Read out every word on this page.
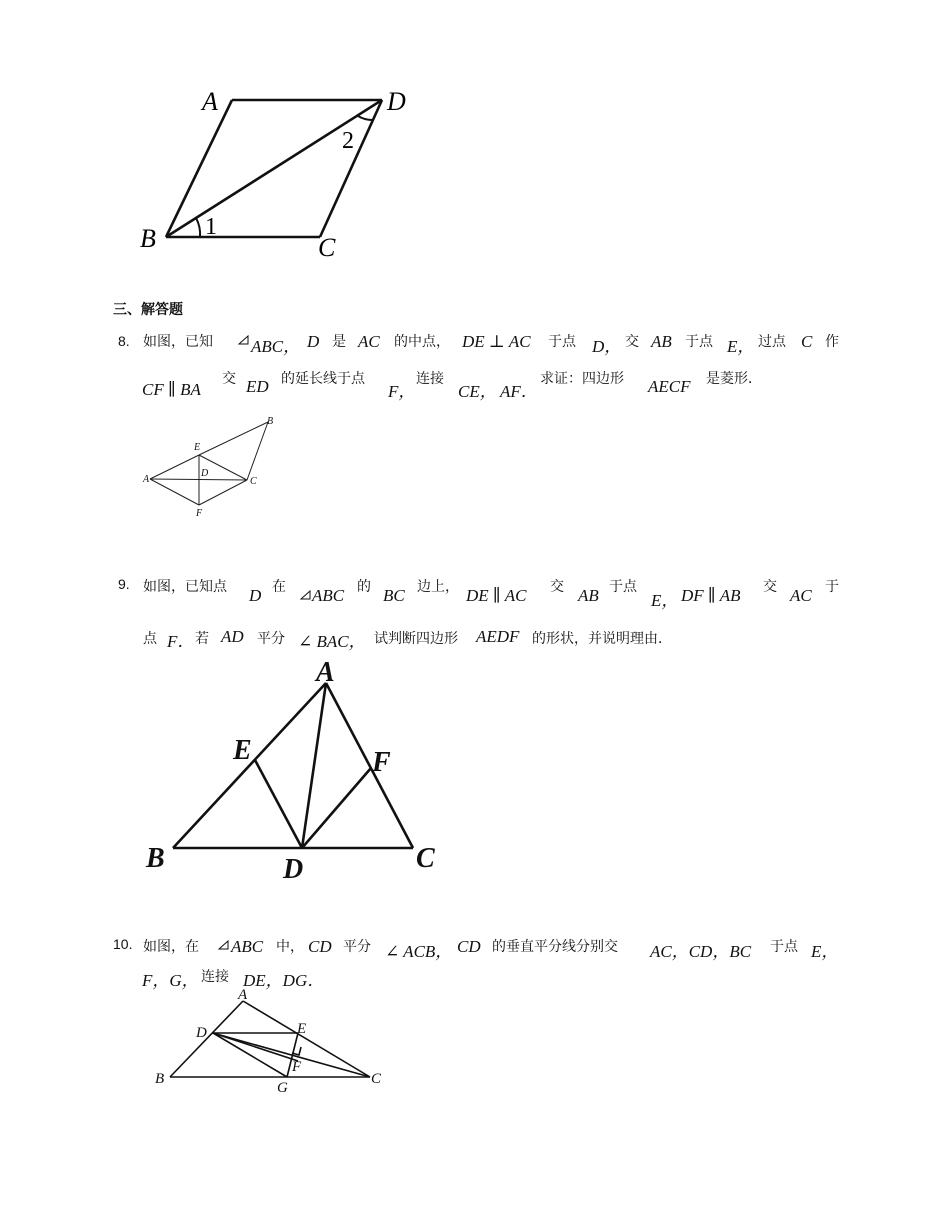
A	D
B	C
1
2
三、解答题
8. 如图，已知 ABC， D 是 AC 的中点， DE ⊥ AC 于点 D， 交 AB 于点 E， 过点 C 作
CF ∥ BA
交 ED 的延长线于点
F，
连接
CE， AF．
求证：四边形 AECF 是菱形．
E
B
A
D
C
F
9. 如图，已知点 D 在 ABC 的 BC 边上， DE ∥ AC 交 AB 于点
E， DF ∥ AB 交 AC 于
点 F． 若 AD 平分 ∠ BAC， 试判断四边形 AEDF 的形状，并说明理由．
A
E	F
B	D	C
10. 如图，在 ABC 中， CD 平分 ∠ ACB， CD 的垂直平分线分别交 AC，CD，BC 于点 E，
F，G， 连接 DE，DG．
A
D	E
F
B
G
C
